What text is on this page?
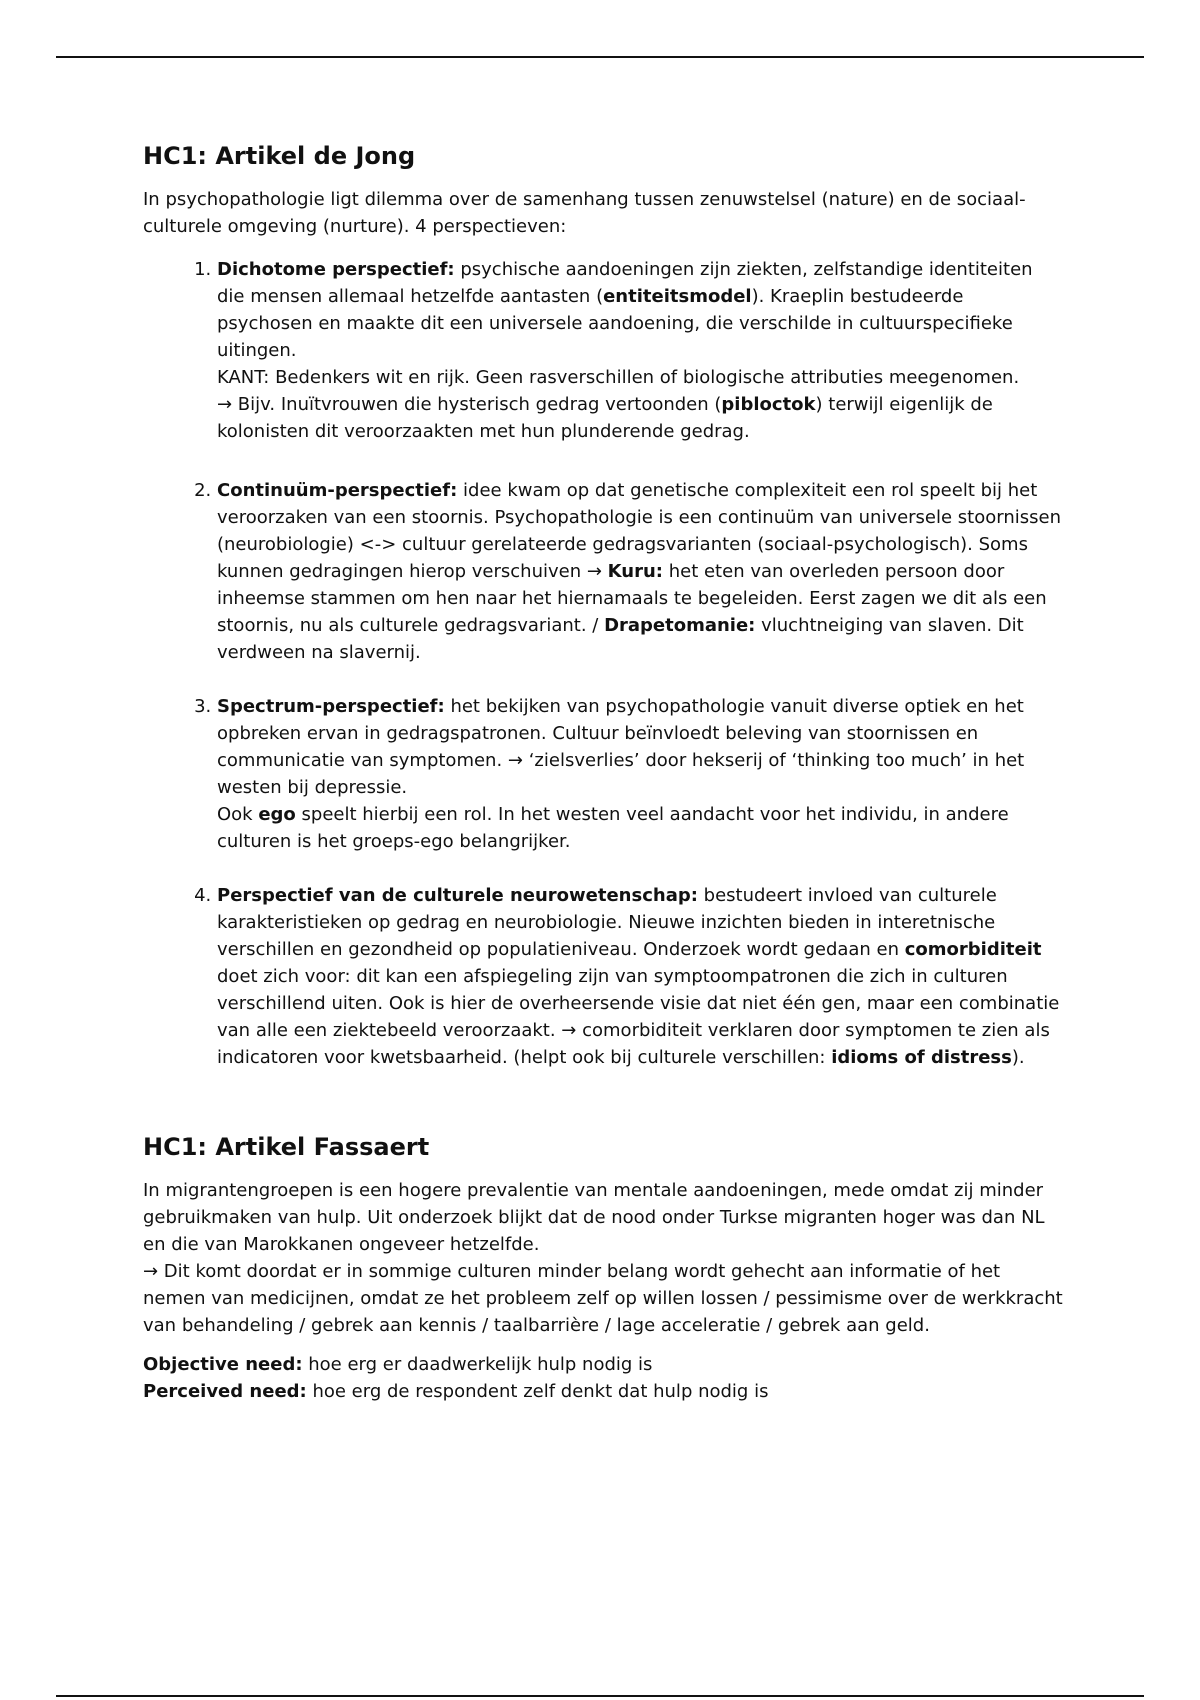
HC1: Artikel de Jong

In psychopathologie ligt dilemma over de samenhang tussen zenuwstelsel (nature) en de sociaal-culturele omgeving (nurture). 4 perspectieven:

1. Dichotome perspectief: psychische aandoeningen zijn ziekten, zelfstandige identiteiten die mensen allemaal hetzelfde aantasten (entiteitsmodel). Kraeplin bestudeerde psychosen en maakte dit een universele aandoening, die verschilde in cultuurspecifieke uitingen.
KANT: Bedenkers wit en rijk. Geen rasverschillen of biologische attributies meegenomen.
→ Bijv. Inuïtvrouwen die hysterisch gedrag vertoonden (pibloctok) terwijl eigenlijk de kolonisten dit veroorzaakten met hun plunderende gedrag.
2. Continuüm-perspectief: idee kwam op dat genetische complexiteit een rol speelt bij het veroorzaken van een stoornis. Psychopathologie is een continuüm van universele stoornissen (neurobiologie) <-> cultuur gerelateerde gedragsvarianten (sociaal-psychologisch). Soms kunnen gedragingen hierop verschuiven → Kuru: het eten van overleden persoon door inheemse stammen om hen naar het hiernamaals te begeleiden. Eerst zagen we dit als een stoornis, nu als culturele gedragsvariant. / Drapetomanie: vluchtneiging van slaven. Dit verdween na slavernij.
3. Spectrum-perspectief: het bekijken van psychopathologie vanuit diverse optiek en het opbreken ervan in gedragspatronen. Cultuur beïnvloedt beleving van stoornissen en communicatie van symptomen. → ‘zielsverlies’ door hekserij of ‘thinking too much’ in het westen bij depressie.
Ook ego speelt hierbij een rol. In het westen veel aandacht voor het individu, in andere culturen is het groeps-ego belangrijker.
4. Perspectief van de culturele neurowetenschap: bestudeert invloed van culturele karakteristieken op gedrag en neurobiologie. Nieuwe inzichten bieden in interetnische verschillen en gezondheid op populatieniveau. Onderzoek wordt gedaan en comorbiditeit doet zich voor: dit kan een afspiegeling zijn van symptoompatronen die zich in culturen verschillend uiten. Ook is hier de overheersende visie dat niet één gen, maar een combinatie van alle een ziektebeeld veroorzaakt. → comorbiditeit verklaren door symptomen te zien als indicatoren voor kwetsbaarheid. (helpt ook bij culturele verschillen: idioms of distress).
HC1: Artikel Fassaert

In migrantengroepen is een hogere prevalentie van mentale aandoeningen, mede omdat zij minder gebruikmaken van hulp. Uit onderzoek blijkt dat de nood onder Turkse migranten hoger was dan NL en die van Marokkanen ongeveer hetzelfde.
→ Dit komt doordat er in sommige culturen minder belang wordt gehecht aan informatie of het nemen van medicijnen, omdat ze het probleem zelf op willen lossen / pessimisme over de werkkracht van behandeling / gebrek aan kennis / taalbarrière / lage acceleratie / gebrek aan geld.

Objective need: hoe erg er daadwerkelijk hulp nodig is
Perceived need: hoe erg de respondent zelf denkt dat hulp nodig is
